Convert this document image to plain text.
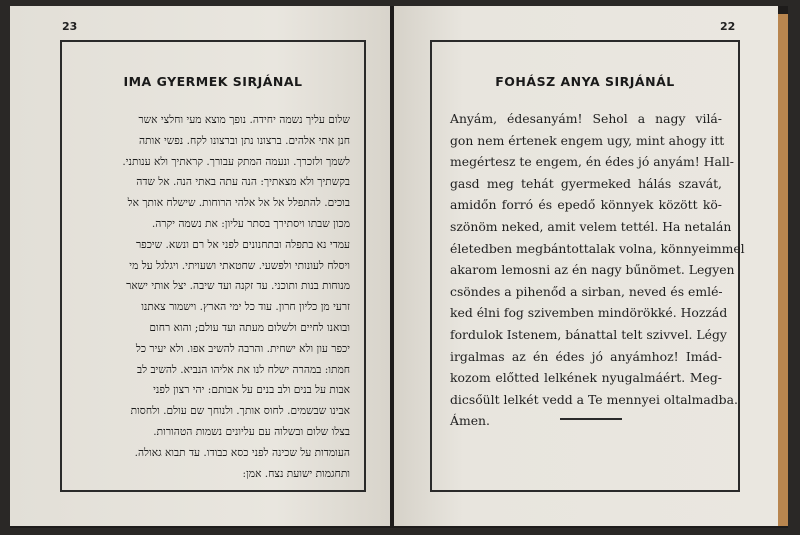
23
IMA GYERMEK SIRJÁNAL
שלום עליך נשמה יחידה. נופך מוצא מעי וחלצי אשר
חנן אתי אלהים. ברצונו נתן וברצונו לקח. נפשי אותה
לשמך ולזכרך. ונעמה המתק עבורך. קראתיך ולא ענותני.
בקשתיך ולא מצאתיך: הנה עתה באתי הנה. אל שדה
בוכים. להתפלל אל אל אלהי הרוחות. שישלח אותך אל
מכון שבתו ויסתירך בסתר עליון: את נשמה יקרה.
עמדי נא בתפלה ובתחנונים לפני אל רם ונשא. שיכפר
ויסלח לעונותי ולפשעי. שחטאתי ושעויתי. ויגלגל על מי
מנוחות בנות ותוכני. עד זקנה ועד שיבה. יצל אותי ישאר
זרעי מן כליון חרון. עוד כל ימי הארץ. וישמור צאתנו
ובואנו לחיים ולשלום מעתה ועד עולם; והוא רחום
יכפר עון ולא ישחית. והרבה להשיב אפו. ולא יעיר כל
חמתו: במהרה ישלח לנו את אליהו הנביא. להשיב לב
אבות על בנים ולב בנים על אבותם: יהי רצון לפני
אבינו שבשמים. לחוס אותך. ולנוחך שם עולם. ולחסות
בצלו שלום ובשלוה עם עליונים נשמות הטהורות.
העומדות על שכינה לפני כסא כבודו. עד תבוא גאולה.
ותחגמות ישועת נצח. אמן:
22
FOHÁSZ ANYA SIRJÁNÁL
Anyám, édesanyám! Sehol a nagy vilá-
gon nem értenek engem ugy, mint ahogy itt
megértesz te engem, én édes jó anyám! Hall-
gasd meg tehát gyermeked hálás szavát,
amidőn forró és epedő könnyek között kö-
szönöm neked, amit velem tettél. Ha netalán
életedben megbántottalak volna, könnyeimmel
akarom lemosni az én nagy bűnömet. Legyen
csöndes a pihenőd a sirban, neved és emlé-
ked élni fog szivemben mindörökké. Hozzád
fordulok Istenem, bánattal telt szivvel. Légy
irgalmas az én édes jó anyámhoz! Imád-
kozom előtted lelkének nyugalmáért. Meg-
dicsőült lelkét vedd a Te mennyei oltalmadba.
Ámen.
